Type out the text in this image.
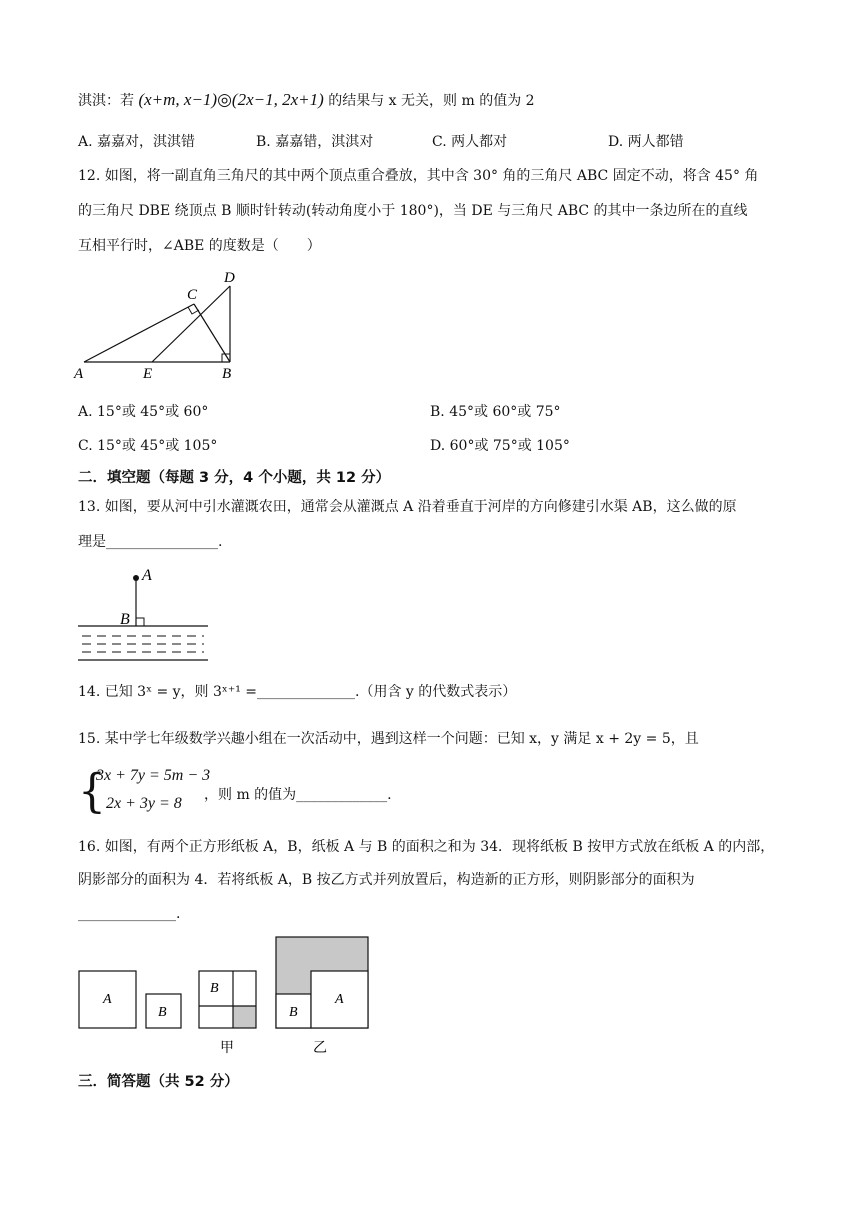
淇淇：若 (x+m, x−1)◎(2x−1, 2x+1) 的结果与 x 无关，则 m 的值为 2
A. 嘉嘉对，淇淇错	B. 嘉嘉错，淇淇对	C. 两人都对	D. 两人都错
12. 如图，将一副直角三角尺的其中两个顶点重合叠放，其中含 30° 角的三角尺 ABC 固定不动，将含 45° 角
的三角尺 DBE 绕顶点 B 顺时针转动(转动角度小于 180°)，当 DE 与三角尺 ABC 的其中一条边所在的直线
互相平行时，∠ABE 的度数是（　　）
A	E	B
C
D
A. 15°或 45°或 60°	B. 45°或 60°或 75°
C. 15°或 45°或 105°	D. 60°或 75°或 105°
二．填空题（每题 3 分，4 个小题，共 12 分）
13. 如图，要从河中引水灌溉农田，通常会从灌溉点 A 沿着垂直于河岸的方向修建引水渠 AB，这么做的原
理是________________.
A
B
14. 已知 3ˣ = y，则 3ˣ⁺¹ =______________.（用含 y 的代数式表示）
15. 某中学七年级数学兴趣小组在一次活动中，遇到这样一个问题：已知 x，y 满足 x + 2y = 5，且
{
3x + 7y = 5m − 3
2x + 3y = 8 ，则 m 的值为_____________.
16. 如图，有两个正方形纸板 A，B，纸板 A 与 B 的面积之和为 34．现将纸板 B 按甲方式放在纸板 A 的内部，
阴影部分的面积为 4．若将纸板 A，B 按乙方式并列放置后，构造新的正方形，则阴影部分的面积为
______________.
A
B
B
甲
B
A
乙
三．简答题（共 52 分）
